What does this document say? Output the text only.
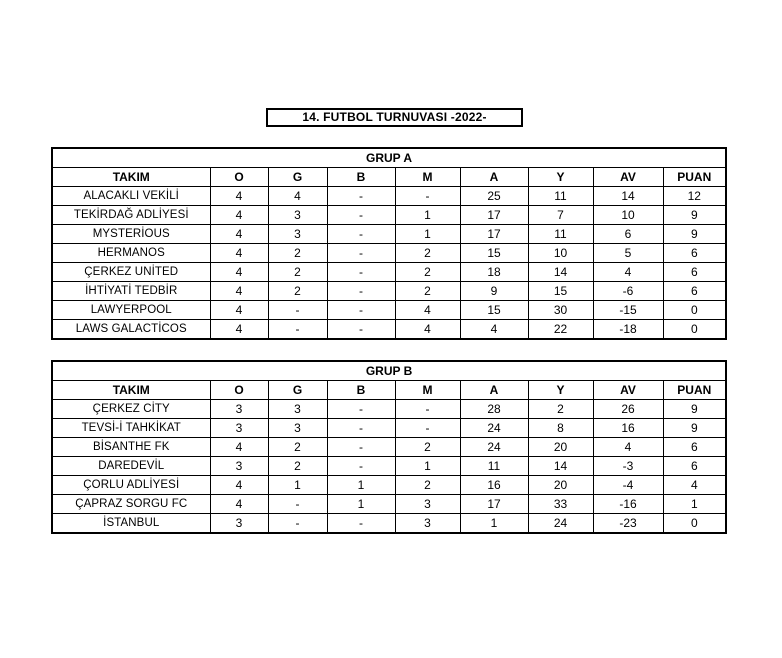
14. FUTBOL TURNUVASI -2022-
GRUP A								
TAKIM	O	G	B	M	A	Y	AV	PUAN
ALACAKLI VEKİLİ	4	4	-	-	25	11	14	12
TEKİRDAĞ ADLİYESİ	4	3	-	1	17	7	10	9
MYSTERİOUS	4	3	-	1	17	11	6	9
HERMANOS	4	2	-	2	15	10	5	6
ÇERKEZ UNİTED	4	2	-	2	18	14	4	6
İHTİYATİ TEDBİR	4	2	-	2	9	15	-6	6
LAWYERPOOL	4	-	-	4	15	30	-15	0
LAWS GALACTİCOS	4	-	-	4	4	22	-18	0
GRUP B								
TAKIM	O	G	B	M	A	Y	AV	PUAN
ÇERKEZ CİTY	3	3	-	-	28	2	26	9
TEVSİ-İ TAHKİKAT	3	3	-	-	24	8	16	9
BİSANTHE FK	4	2	-	2	24	20	4	6
DAREDEVİL	3	2	-	1	11	14	-3	6
ÇORLU ADLİYESİ	4	1	1	2	16	20	-4	4
ÇAPRAZ SORGU FC	4	-	1	3	17	33	-16	1
İSTANBUL	3	-	-	3	1	24	-23	0
